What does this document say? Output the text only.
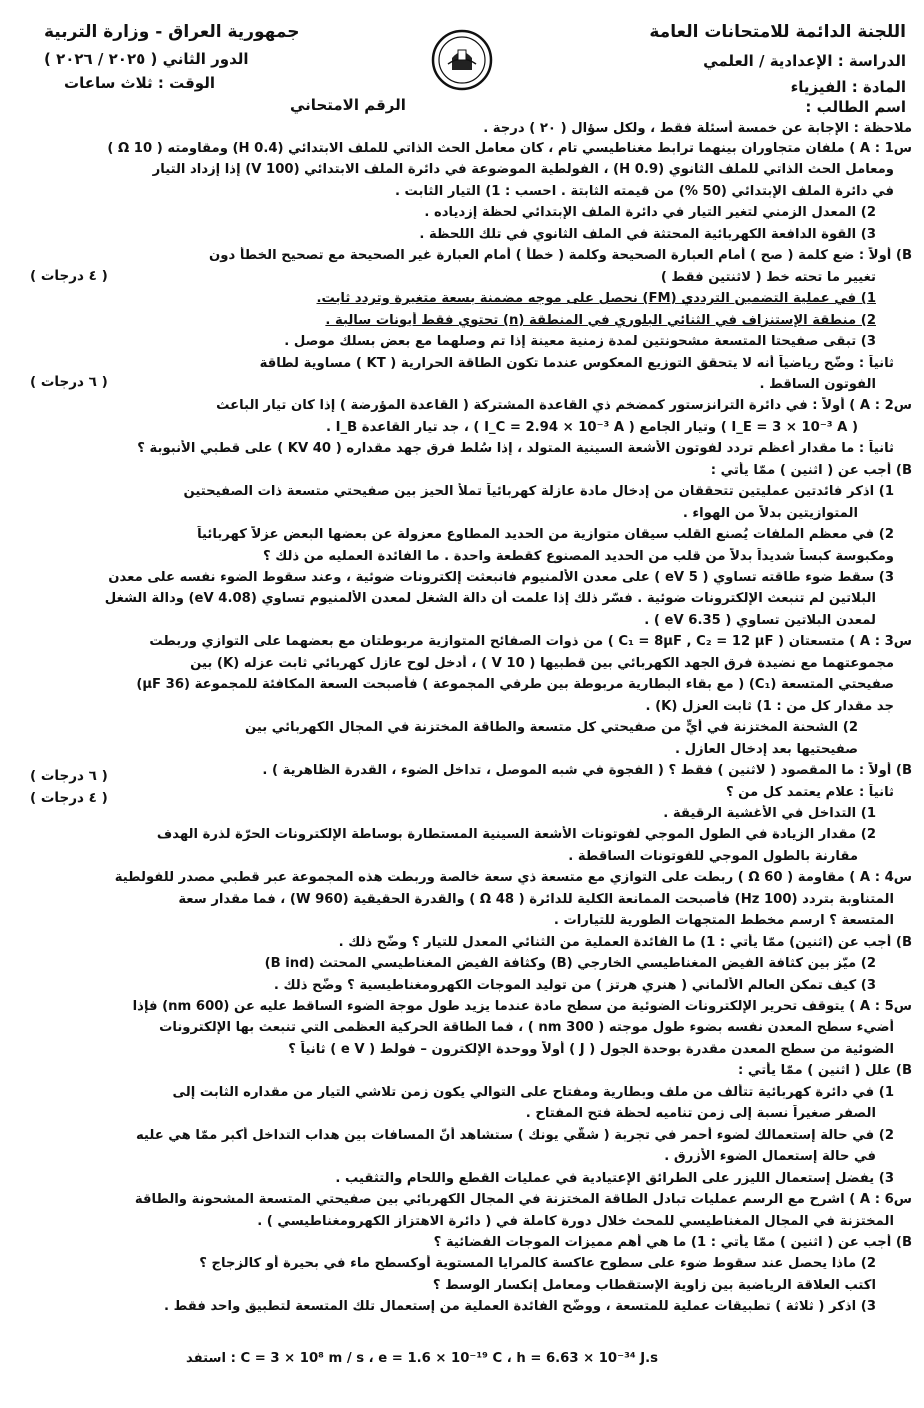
اللجنة الدائمة للامتحانات العامة
جمهورية العراق - وزارة التربية
الدراسة : الإعدادية / العلمي
الدور الثاني ( ٢٠٢٥ / ٢٠٢٦ )
الوقت : ثلاث ساعات	المادة : الفيزياء
اسم الطالب :
الرقم الامتحاني
ملاحظة : الإجابة عن خمسة أسئلة فقط ، ولكل سؤال ( ٢٠ ) درجة .
س1 : A ) ملفان متجاوران بينهما ترابط مغناطيسي تام ، كان معامل الحث الذاتي للملف الابتدائي (0.4 H) ومقاومته ( Ω 10 )
ومعامل الحث الذاتي للملف الثانوي (0.9 H) ، الفولطية الموضوعة في دائرة الملف الابتدائي (100 V) إذا إزداد التيار
في دائرة الملف الإبتدائي (50 %) من قيمته الثابتة . احسب : 1) التيار الثابت .
2) المعدل الزمني لتغير التيار في دائرة الملف الإبتدائي لحظة إزدياده .
3) القوة الدافعة الكهربائية المحتثة في الملف الثانوي في تلك اللحظة .
B) أولاً : ضع كلمة ( صح ) أمام العبارة الصحيحة وكلمة ( خطأ ) أمام العبارة غير الصحيحة مع تصحيح الخطأ دون
تغيير ما تحته خط ( لاثنتين فقط )
1) في عملية التضمين الترددي (FM) نحصل على موجه مضمنة بسعة متغيرة وتردد ثابت.
2) منطقة الإستنزاف في الثنائي البلوري في المنطقة (n) تحتوي فقط أيونات سالبة .
3) تبقى صفيحتا المتسعة مشحونتين لمدة زمنية معينة إذا تم وصلهما مع بعض بسلك موصل .
ثانياً : وضّح رياضياً أنه لا يتحقق التوزيع المعكوس عندما تكون الطاقة الحرارية ( KT ) مساوية لطاقة
الفوتون الساقط .
س2 : A ) أولاً : في دائرة الترانزستور كمضخم ذي القاعدة المشتركة ( القاعدة المؤرضة ) إذا كان تيار الباعث
( I_E = 3 × 10⁻³ A ) وتيار الجامع ( I_C = 2.94 × 10⁻³ A ) ، جد تيار القاعدة I_B .
ثانياً : ما مقدار أعظم تردد لفوتون الأشعة السينية المتولد ، إذا سُلط فرق جهد مقداره ( 40 KV ) على قطبي الأنبوبة ؟
B) أجب عن ( اثنين ) ممّا يأتي :
1) اذكر فائدتين عمليتين تتحققان من إدخال مادة عازلة كهربائياً تملأ الحيز بين صفيحتي متسعة ذات الصفيحتين
المتوازيتين بدلاً من الهواء .
2) في معظم الملفات يُصنع القلب سيقان متوازية من الحديد المطاوع معزولة عن بعضها البعض عزلاً كهربائياً
ومكبوسة كبساً شديداً بدلاً من قلب من الحديد المصنوع كقطعة واحدة . ما الفائدة العمليه من ذلك ؟
3) سقط ضوء طاقته تساوي ( 5 eV ) على معدن الألمنيوم فانبعثت إلكترونات ضوئية ، وعند سقوط الضوء نفسه على معدن
البلاتين لم تنبعث الإلكترونات ضوئية . فسّر ذلك إذا علمت أن دالة الشغل لمعدن الألمنيوم تساوي (4.08 eV) ودالة الشغل
لمعدن البلاتين تساوي ( 6.35 eV ) .
س3 : A ) متسعتان ( C₁ = 8μF , C₂ = 12 μF ) من ذوات الصفائح المتوازية مربوطتان مع بعضهما على التوازي وربطت
مجموعتهما مع نضيدة فرق الجهد الكهربائي بين قطبيها ( 10 V ) ، أدخل لوح عازل كهربائي ثابت عزله (K) بين
صفيحتي المتسعة (C₁) ( مع بقاء البطارية مربوطة بين طرفي المجموعة ) فأصبحت السعة المكافئة للمجموعة (36 μF)
جد مقدار كل من : 1) ثابت العزل (K) .
2) الشحنة المختزنة في أيٍّ من صفيحتي كل متسعة والطاقة المختزنة في المجال الكهربائي بين
صفيحتيها بعد إدخال العازل .
B) أولاً : ما المقصود ( لاثنين ) فقط ؟ ( الفجوة في شبه الموصل ، تداخل الضوء ، القدرة الظاهرية ) .
ثانياً : علام يعتمد كل من ؟
1) التداخل في الأغشية الرقيقة .
2) مقدار الزيادة في الطول الموجي لفوتونات الأشعة السينية المستطارة بوساطة الإلكترونات الحرّة لذرة الهدف
مقارنة بالطول الموجي للفوتونات الساقطة .
س4 : A ) مقاومة ( Ω 60 ) ربطت على التوازي مع متسعة ذي سعة خالصة وربطت هذه المجموعة عبر قطبي مصدر للفولطية
المتناوبة بتردد (100 Hz) فأصبحت الممانعة الكلية للدائرة ( Ω 48 ) والقدرة الحقيقية (960 W) ، فما مقدار سعة
المتسعة ؟ ارسم مخطط المتجهات الطورية للتيارات .
B) أجب عن (اثنين) ممّا يأتي : 1) ما الفائدة العملية من الثنائي المعدل للتيار ؟ وضّح ذلك .
2) ميّز بين كثافة الفيض المغناطيسي الخارجي (B) وكثافة الفيض المغناطيسي المحتث (B ind)
3) كيف تمكن العالم الألماني ( هنري هرتز ) من توليد الموجات الكهرومغناطيسية ؟ وضّح ذلك .
س5 : A ) يتوقف تحرير الإلكترونات الضوئية من سطح مادة عندما يزيد طول موجة الضوء الساقط عليه عن (600 nm) فإذا
أضيء سطح المعدن نفسه بضوء طول موجته ( 300 nm ) ، فما الطاقة الحركية العظمى التي تنبعث بها الإلكترونات
الضوئية من سطح المعدن مقدرة بوحدة الجول ( J ) أولاً ووحدة الإلكترون – فولط ( e V ) ثانياً ؟
B) علل ( اثنين ) ممّا يأتي :
1) في دائرة كهربائية تتألف من ملف وبطارية ومفتاح على التوالي يكون زمن تلاشي التيار من مقداره الثابت إلى
الصفر صغيراً نسبة إلى زمن تناميه لحظة فتح المفتاح .
2) في حالة إستعمالك لضوء أحمر في تجربة ( شقّي يونك ) ستشاهد أنّ المسافات بين هداب التداخل أكبر ممّا هي عليه
في حالة إستعمال الضوء الأزرق .
3) يفضل إستعمال الليزر على الطرائق الإعتيادية في عمليات القطع واللحام والتثقيب .
س6 : A ) اشرح مع الرسم عمليات تبادل الطاقة المختزنة في المجال الكهربائي بين صفيحتي المتسعة المشحونة والطاقة
المختزنة في المجال المغناطيسي للمحث خلال دورة كاملة في ( دائرة الاهتزاز الكهرومغناطيسي ) .
B) أجب عن ( اثنين ) ممّا يأتي : 1) ما هي أهم مميزات الموجات الفضائية ؟
2) ماذا يحصل عند سقوط ضوء على سطوح عاكسة كالمرايا المستوية أوكسطح ماء في بحيرة أو كالزجاج ؟
اكتب العلاقة الرياضية بين زاوية الإستقطاب ومعامل إنكسار الوسط ؟
3) اذكر ( ثلاثة ) تطبيقات عملية للمتسعة ، ووضّح الفائدة العملية من إستعمال تلك المتسعة لتطبيق واحد فقط .
( ٤ درجات )
( ٦ درجات )
( ٦ درجات )
( ٤ درجات )
استفد : C = 3 × 10⁸ m / s ، e = 1.6 × 10⁻¹⁹ C ، h = 6.63 × 10⁻³⁴ J.s
